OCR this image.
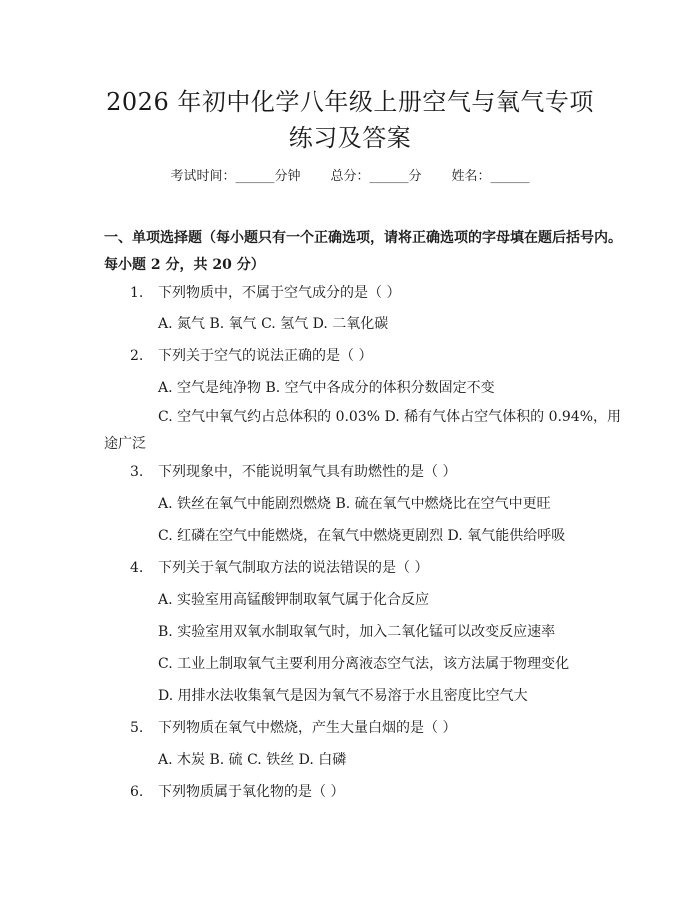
2026 年初中化学八年级上册空气与氧气专项
练习及答案
考试时间：______分钟 总分：______分 姓名：______
一、单项选择题（每小题只有一个正确选项，请将正确选项的字母填在题后括号内。每小题 2 分，共 20 分）
1. 下列物质中，不属于空气成分的是（ ）
A. 氮气 B. 氧气 C. 氢气 D. 二氧化碳
2. 下列关于空气的说法正确的是（ ）
A. 空气是纯净物 B. 空气中各成分的体积分数固定不变
C. 空气中氧气约占总体积的 0.03% D. 稀有气体占空气体积的 0.94%，用途广泛
3. 下列现象中，不能说明氧气具有助燃性的是（ ）
A. 铁丝在氧气中能剧烈燃烧 B. 硫在氧气中燃烧比在空气中更旺
C. 红磷在空气中能燃烧，在氧气中燃烧更剧烈 D. 氧气能供给呼吸
4. 下列关于氧气制取方法的说法错误的是（ ）
A. 实验室用高锰酸钾制取氧气属于化合反应
B. 实验室用双氧水制取氧气时，加入二氧化锰可以改变反应速率
C. 工业上制取氧气主要利用分离液态空气法，该方法属于物理变化
D. 用排水法收集氧气是因为氧气不易溶于水且密度比空气大
5. 下列物质在氧气中燃烧，产生大量白烟的是（ ）
A. 木炭 B. 硫 C. 铁丝 D. 白磷
6. 下列物质属于氧化物的是（ ）
